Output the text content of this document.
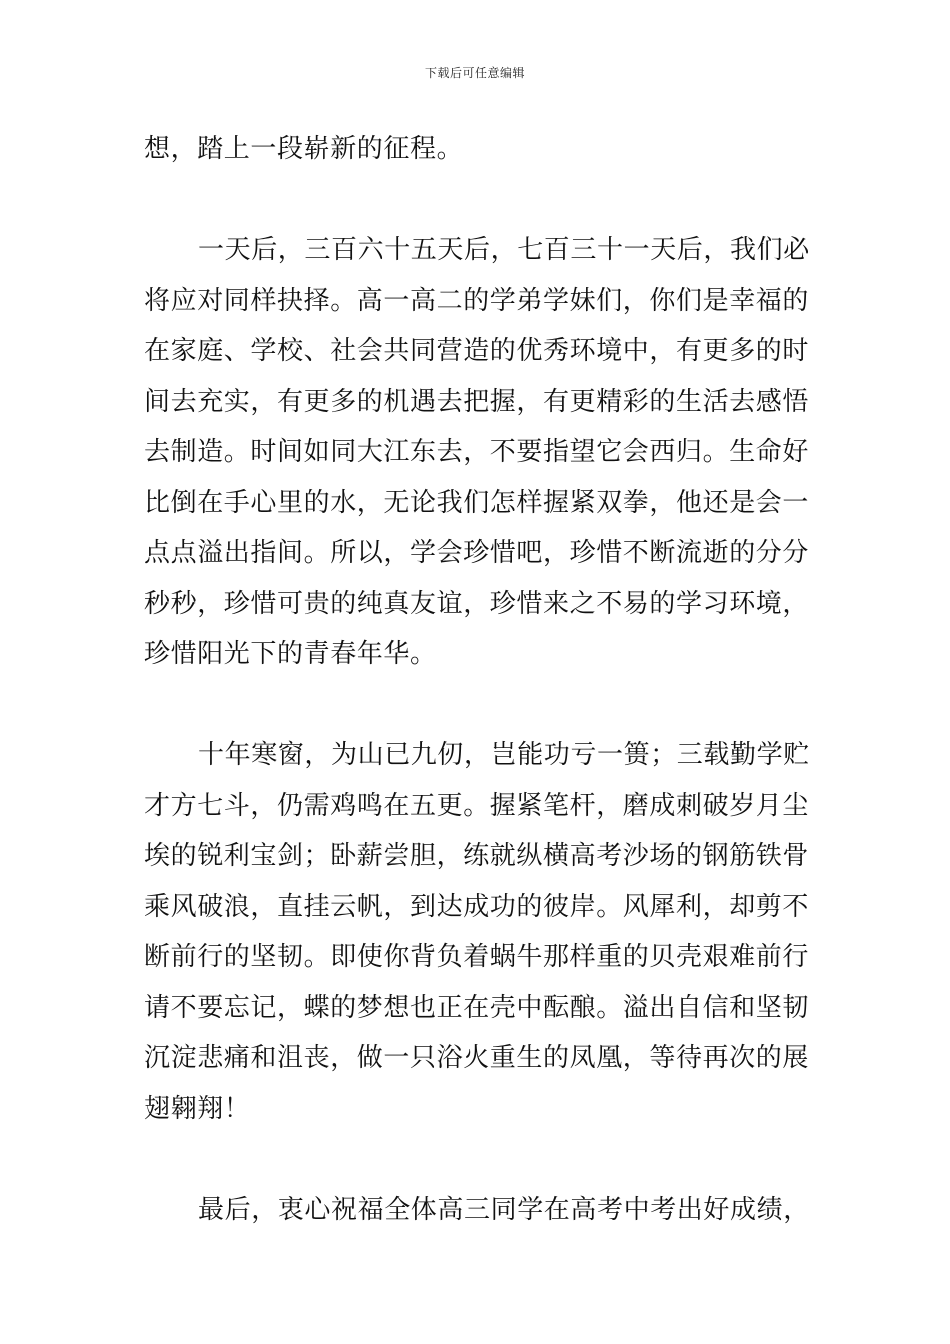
下载后可任意编辑
想，踏上一段崭新的征程。
一天后，三百六十五天后，七百三十一天后，我们必
将应对同样抉择。高一高二的学弟学妹们，你们是幸福的
在家庭、学校、社会共同营造的优秀环境中，有更多的时
间去充实，有更多的机遇去把握，有更精彩的生活去感悟
去制造。时间如同大江东去，不要指望它会西归。生命好
比倒在手心里的水，无论我们怎样握紧双拳，他还是会一
点点溢出指间。所以，学会珍惜吧，珍惜不断流逝的分分
秒秒，珍惜可贵的纯真友谊，珍惜来之不易的学习环境，
珍惜阳光下的青春年华。
十年寒窗，为山已九仞，岂能功亏一篑；三载勤学贮
才方七斗，仍需鸡鸣在五更。握紧笔杆，磨成刺破岁月尘
埃的锐利宝剑；卧薪尝胆，练就纵横高考沙场的钢筋铁骨
乘风破浪，直挂云帆，到达成功的彼岸。风犀利，却剪不
断前行的坚韧。即使你背负着蜗牛那样重的贝壳艰难前行
请不要忘记，蝶的梦想也正在壳中酝酿。溢出自信和坚韧
沉淀悲痛和沮丧，做一只浴火重生的凤凰，等待再次的展
翅翱翔！
最后，衷心祝福全体高三同学在高考中考出好成绩，
